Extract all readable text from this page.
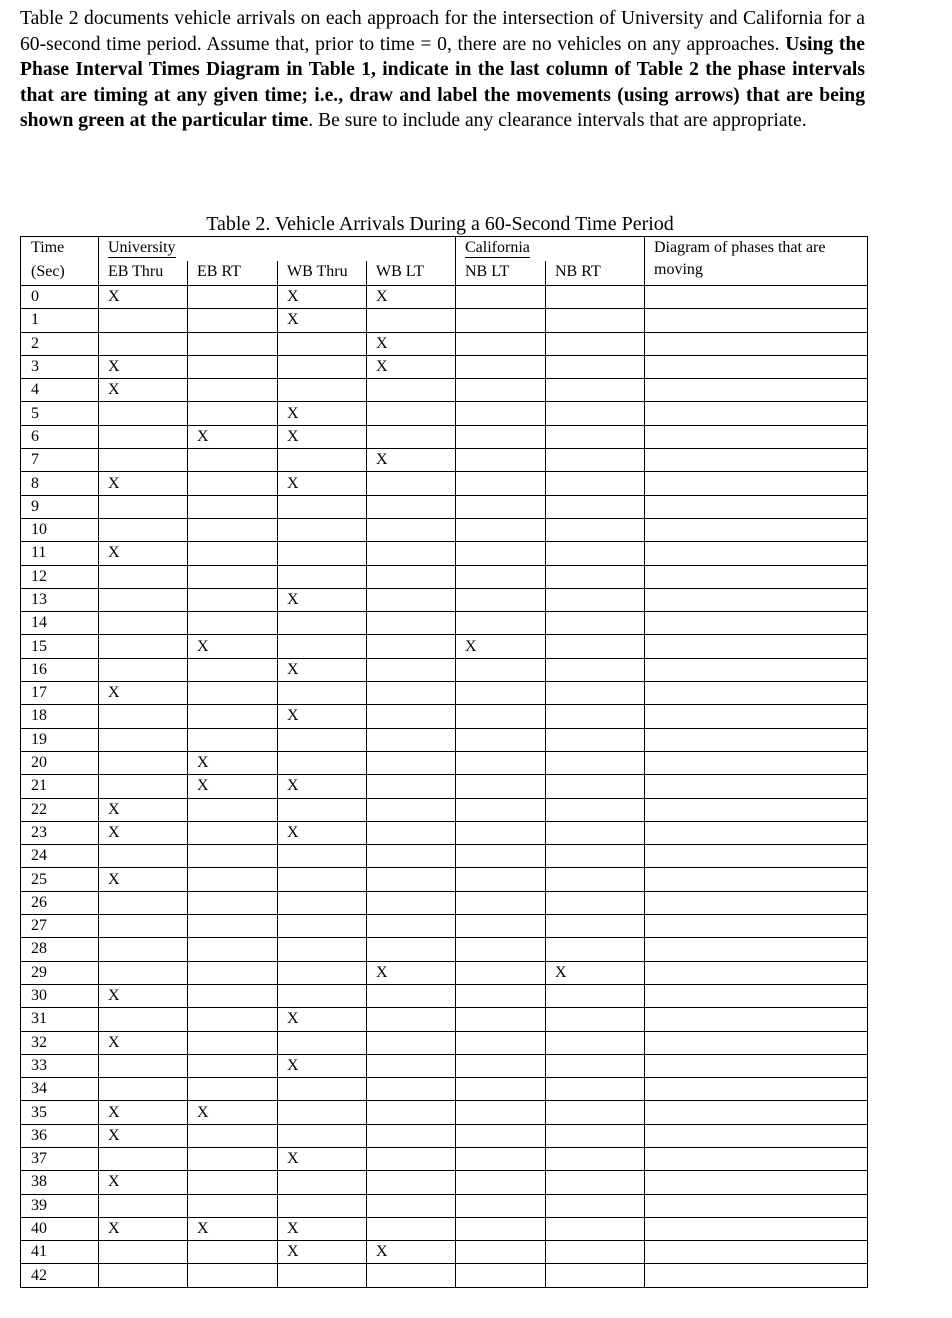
Table 2 documents vehicle arrivals on each approach for the intersection of University and California for a 60-second time period. Assume that, prior to time = 0, there are no vehicles on any approaches. Using the Phase Interval Times Diagram in Table 1, indicate in the last column of Table 2 the phase intervals that are timing at any given time; i.e., draw and label the movements (using arrows) that are being shown green at the particular time. Be sure to include any clearance intervals that are appropriate.
Table 2. Vehicle Arrivals During a 60-Second Time Period
Time	University				California		Diagram of phases that are moving
(Sec)	EB Thru	EB RT	WB Thru	WB LT	NB LT	NB RT	
0	X		X	X			
1			X				
2				X			
3	X			X			
4	X						
5			X				
6		X	X				
7				X			
8	X		X				
9							
10							
11	X						
12							
13			X				
14							
15		X			X		
16			X				
17	X						
18			X				
19							
20		X					
21		X	X				
22	X						
23	X		X				
24							
25	X						
26							
27							
28							
29				X		X	
30	X						
31			X				
32	X						
33			X				
34							
35	X	X					
36	X						
37			X				
38	X						
39							
40	X	X	X				
41			X	X			
42							
